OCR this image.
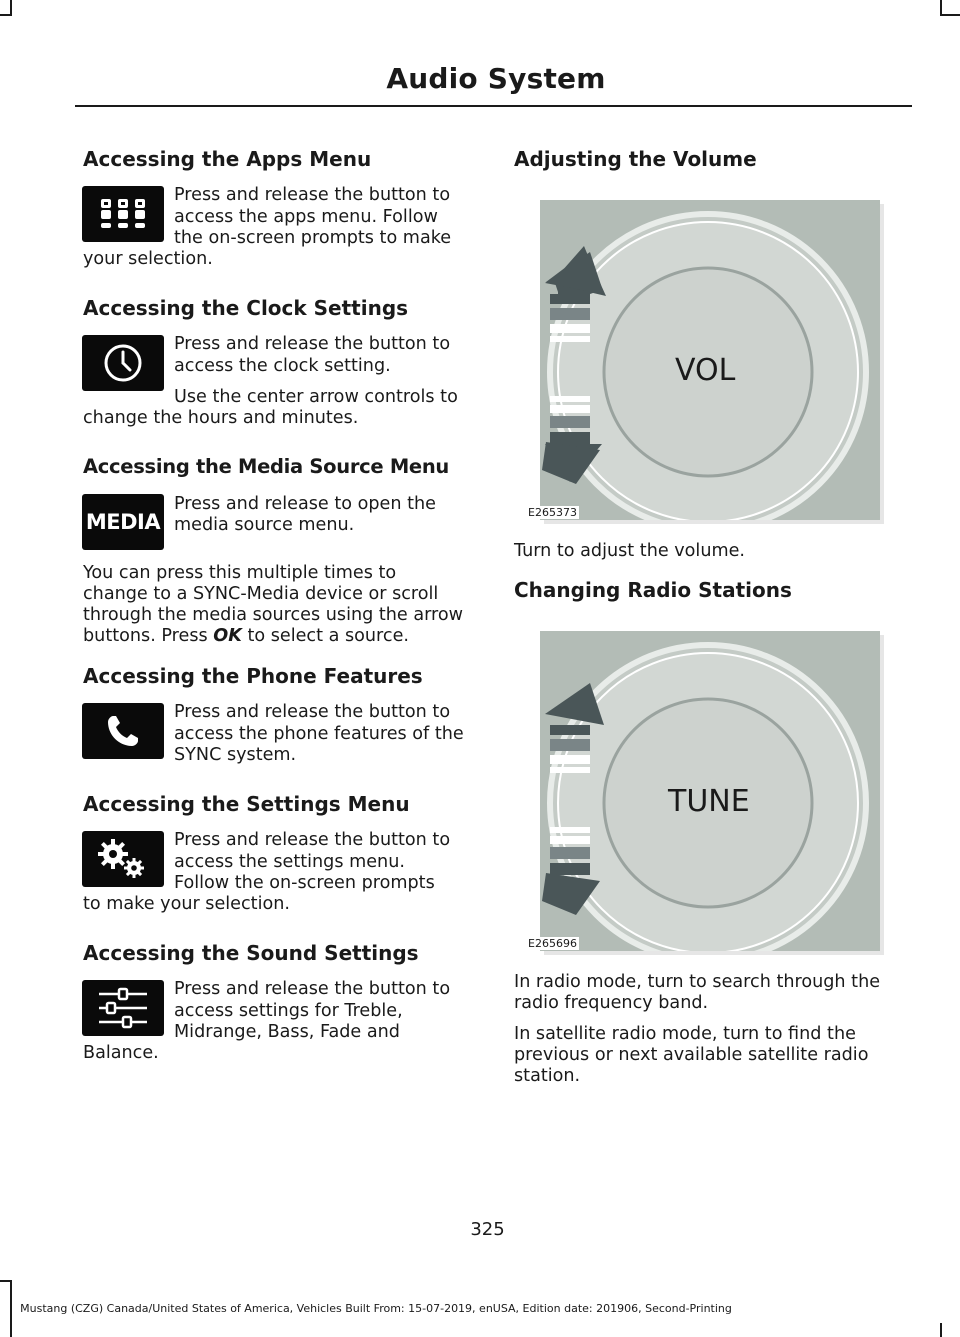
Audio System
Accessing the Apps Menu
Press and release the button to
access the apps menu. Follow
the on-screen prompts to make
your selection.
Accessing the Clock Settings
Press and release the button to
access the clock setting.
Use the center arrow controls to
change the hours and minutes.
Accessing the Media Source Menu
MEDIA
Press and release to open the
media source menu.
You can press this multiple times to
change to a SYNC-Media device or scroll
through the media sources using the arrow
buttons. Press OK to select a source.
Accessing the Phone Features
Press and release the button to
access the phone features of the
SYNC system.
Accessing the Settings Menu
Press and release the button to
access the settings menu.
Follow the on-screen prompts
to make your selection.
Accessing the Sound Settings
Press and release the button to
access settings for Treble,
Midrange, Bass, Fade and
Balance.
Adjusting the Volume
VOL
E265373
Turn to adjust the volume.
Changing Radio Stations
TUNE
E265696
In radio mode, turn to search through the
radio frequency band.
In satellite radio mode, turn to find the
previous or next available satellite radio
station.
325
Mustang (CZG) Canada/United States of America, Vehicles Built From: 15-07-2019, enUSA, Edition date: 201906, Second-Printing
